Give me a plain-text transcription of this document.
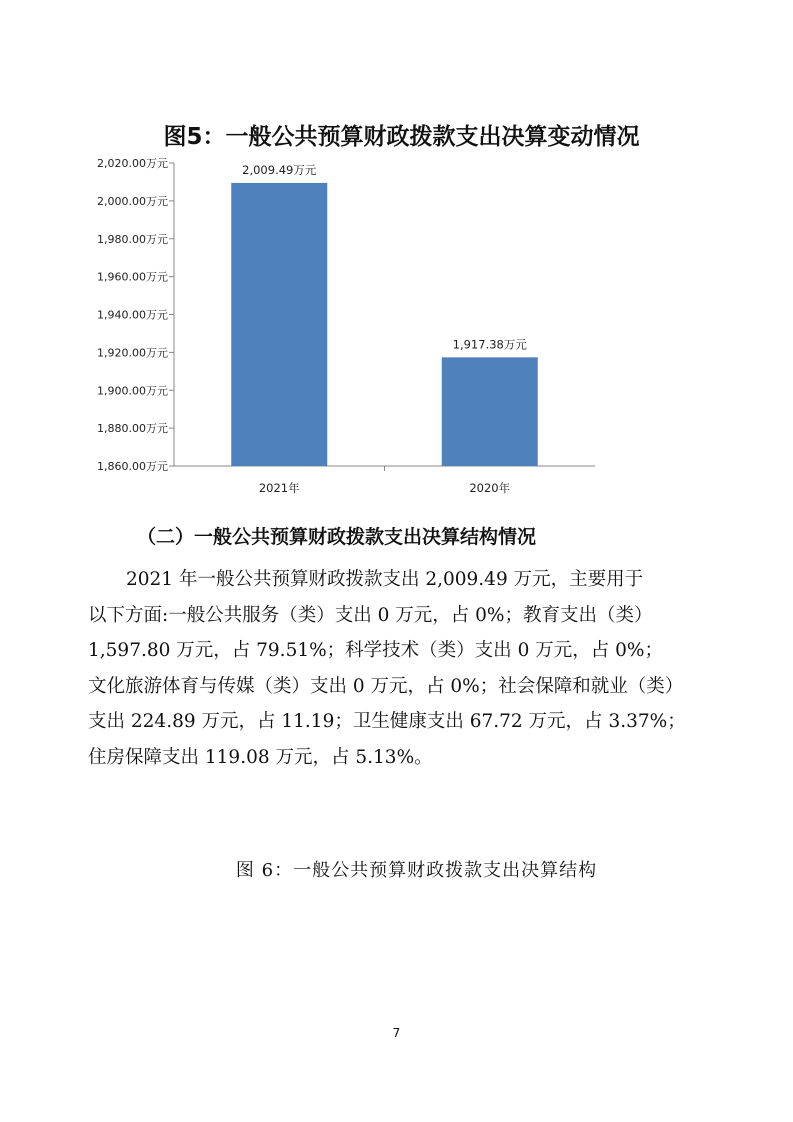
图5：一般公共预算财政拨款支出决算变动情况
1,860.00万元
1,880.00万元
1,900.00万元
1,920.00万元
1,940.00万元
1,960.00万元
1,980.00万元
2,000.00万元
2,020.00万元	2,009.49万元
2021年
1,917.38万元
2020年
（二）一般公共预算财政拨款支出决算结构情况
2021 年一般公共预算财政拨款支出 2,009.49 万元，主要用于
以下方面:一般公共服务（类）支出 0 万元，占 0%；教育支出（类）
1,597.80 万元，占 79.51%；科学技术（类）支出 0 万元，占 0%；
文化旅游体育与传媒（类）支出 0 万元，占 0%；社会保障和就业（类）
支出 224.89 万元，占 11.19；卫生健康支出 67.72 万元，占 3.37%；
住房保障支出 119.08 万元，占 5.13%。
图 6：一般公共预算财政拨款支出决算结构
7
